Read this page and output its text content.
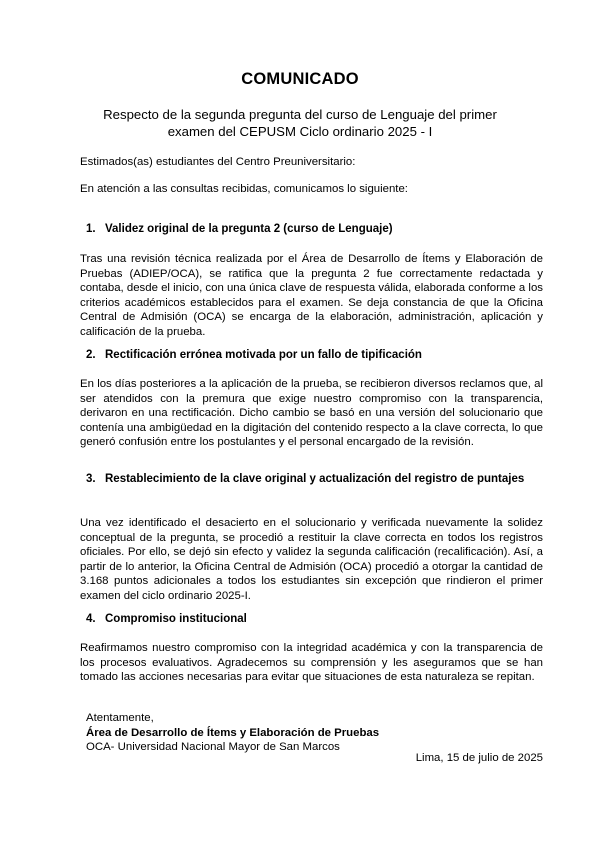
COMUNICADO
Respecto de la segunda pregunta del curso de Lenguaje del primer
examen del CEPUSM Ciclo ordinario 2025 - I
Estimados(as) estudiantes del Centro Preuniversitario:
En atención a las consultas recibidas, comunicamos lo siguiente:
1. Validez original de la pregunta 2 (curso de Lenguaje)
Tras una revisión técnica realizada por el Área de Desarrollo de Ítems y Elaboración de Pruebas (ADIEP/OCA), se ratifica que la pregunta 2 fue correctamente redactada y contaba, desde el inicio, con una única clave de respuesta válida, elaborada conforme a los criterios académicos establecidos para el examen. Se deja constancia de que la Oficina Central de Admisión (OCA) se encarga de la elaboración, administración, aplicación y calificación de la prueba.
2. Rectificación errónea motivada por un fallo de tipificación
En los días posteriores a la aplicación de la prueba, se recibieron diversos reclamos que, al ser atendidos con la premura que exige nuestro compromiso con la transparencia, derivaron en una rectificación. Dicho cambio se basó en una versión del solucionario que contenía una ambigüedad en la digitación del contenido respecto a la clave correcta, lo que generó confusión entre los postulantes y el personal encargado de la revisión.
3. Restablecimiento de la clave original y actualización del registro de puntajes
Una vez identificado el desacierto en el solucionario y verificada nuevamente la solidez conceptual de la pregunta, se procedió a restituir la clave correcta en todos los registros oficiales. Por ello, se dejó sin efecto y validez la segunda calificación (recalificación). Así, a partir de lo anterior, la Oficina Central de Admisión (OCA) procedió a otorgar la cantidad de 3.168 puntos adicionales a todos los estudiantes sin excepción que rindieron el primer examen del ciclo ordinario 2025-I.
4. Compromiso institucional
Reafirmamos nuestro compromiso con la integridad académica y con la transparencia de los procesos evaluativos. Agradecemos su comprensión y les aseguramos que se han tomado las acciones necesarias para evitar que situaciones de esta naturaleza se repitan.
Atentamente,
Área de Desarrollo de Ítems y Elaboración de Pruebas
OCA- Universidad Nacional Mayor de San Marcos
Lima, 15 de julio de 2025
